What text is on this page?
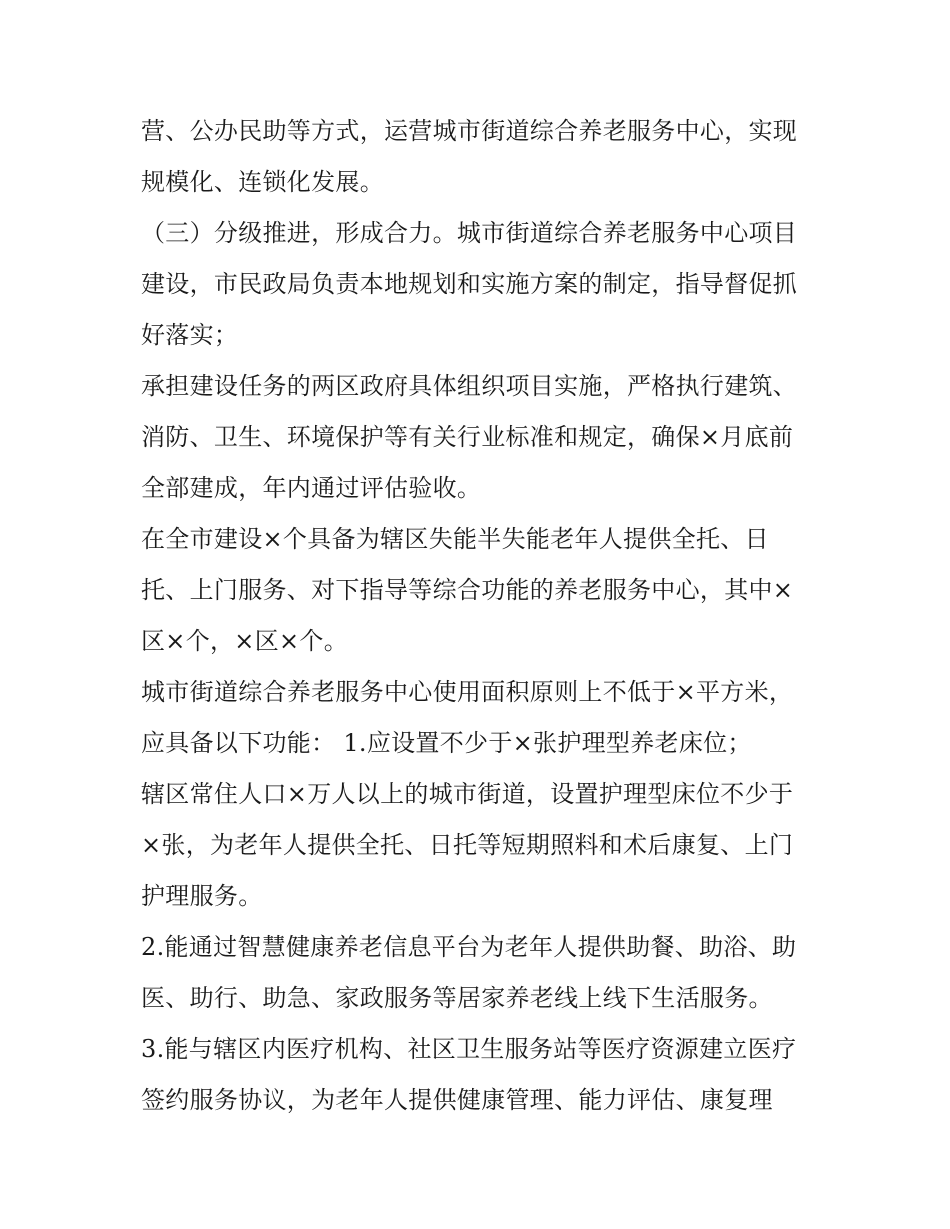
营、公办民助等方式，运营城市街道综合养老服务中心，实现
规模化、连锁化发展。
（三）分级推进，形成合力。城市街道综合养老服务中心项目
建设，市民政局负责本地规划和实施方案的制定，指导督促抓
好落实；
承担建设任务的两区政府具体组织项目实施，严格执行建筑、
消防、卫生、环境保护等有关行业标准和规定，确保×月底前
全部建成，年内通过评估验收。
在全市建设×个具备为辖区失能半失能老年人提供全托、日
托、上门服务、对下指导等综合功能的养老服务中心，其中×
区×个，×区×个。
城市街道综合养老服务中心使用面积原则上不低于×平方米，
应具备以下功能： 1.应设置不少于×张护理型养老床位；
辖区常住人口×万人以上的城市街道，设置护理型床位不少于
×张，为老年人提供全托、日托等短期照料和术后康复、上门
护理服务。
2.能通过智慧健康养老信息平台为老年人提供助餐、助浴、助
医、助行、助急、家政服务等居家养老线上线下生活服务。
3.能与辖区内医疗机构、社区卫生服务站等医疗资源建立医疗
签约服务协议，为老年人提供健康管理、能力评估、康复理
